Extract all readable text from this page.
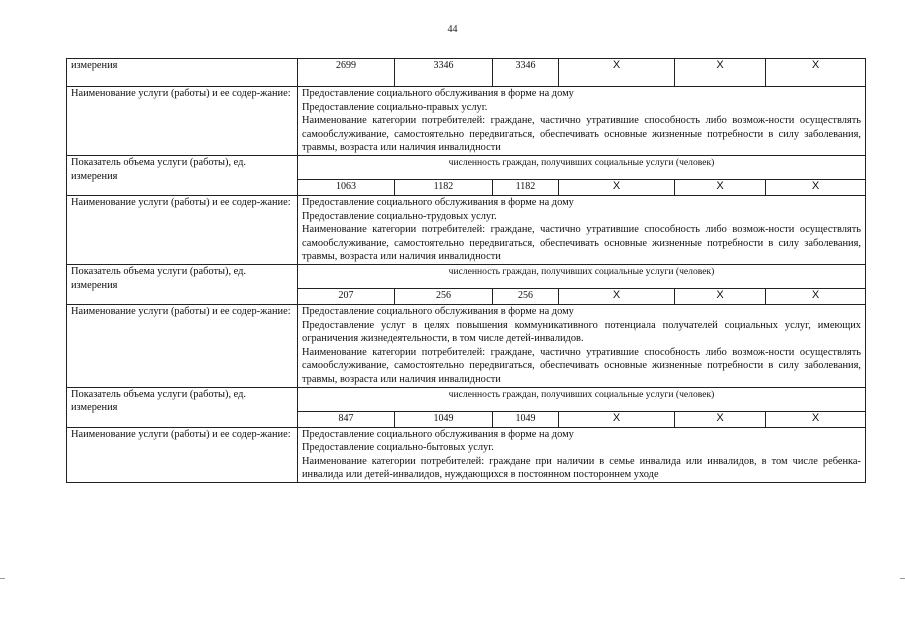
44
измерения	2699	3346	3346	X	X	X
Наименование услуги (работы) и ее содер-жание:	Предоставление социального обслуживания в форме на дому
Предоставление социально-правых услуг.
Наименование категории потребителей: граждане, частично утратившие способность либо возмож-ности осуществлять самообслуживание, самостоятельно передвигаться, обеспечивать основные жизненные потребности в силу заболевания, травмы, возраста или наличия инвалидности					

Показатель объема услуги (работы), ед. измерения	численность граждан, получивших социальные услуги (человек)					
	1063	1182	1182	X	X	X
Наименование услуги (работы) и ее содер-жание:	Предоставление социального обслуживания в форме на дому
Предоставление социально-трудовых услуг.
Наименование категории потребителей: граждане, частично утратившие способность либо возмож-ности осуществлять самообслуживание, самостоятельно передвигаться, обеспечивать основные жизненные потребности в силу заболевания, травмы, возраста или наличия инвалидности					

Показатель объема услуги (работы), ед. измерения	численность граждан, получивших социальные услуги (человек)					
	207	256	256	X	X	X
Наименование услуги (работы) и ее содер-жание:	Предоставление социального обслуживания в форме на дому
Предоставление услуг в целях повышения коммуникативного потенциала получателей социальных услуг, имеющих ограничения жизнедеятельности, в том числе детей-инвалидов.
Наименование категории потребителей: граждане, частично утратившие способность либо возмож-ности осуществлять самообслуживание, самостоятельно передвигаться, обеспечивать основные жизненные потребности в силу заболевания, травмы, возраста или наличия инвалидности					

Показатель объема услуги (работы), ед. измерения	численность граждан, получивших социальные услуги (человек)					
	847	1049	1049	X	X	X
Наименование услуги (работы) и ее содер-жание:	Предоставление социального обслуживания в форме на дому
Предоставление социально-бытовых услуг.
Наименование категории потребителей: граждане при наличии в семье инвалида или инвалидов, в том числе ребенка-инвалида или детей-инвалидов, нуждающихся в постоянном постороннем уходе					
